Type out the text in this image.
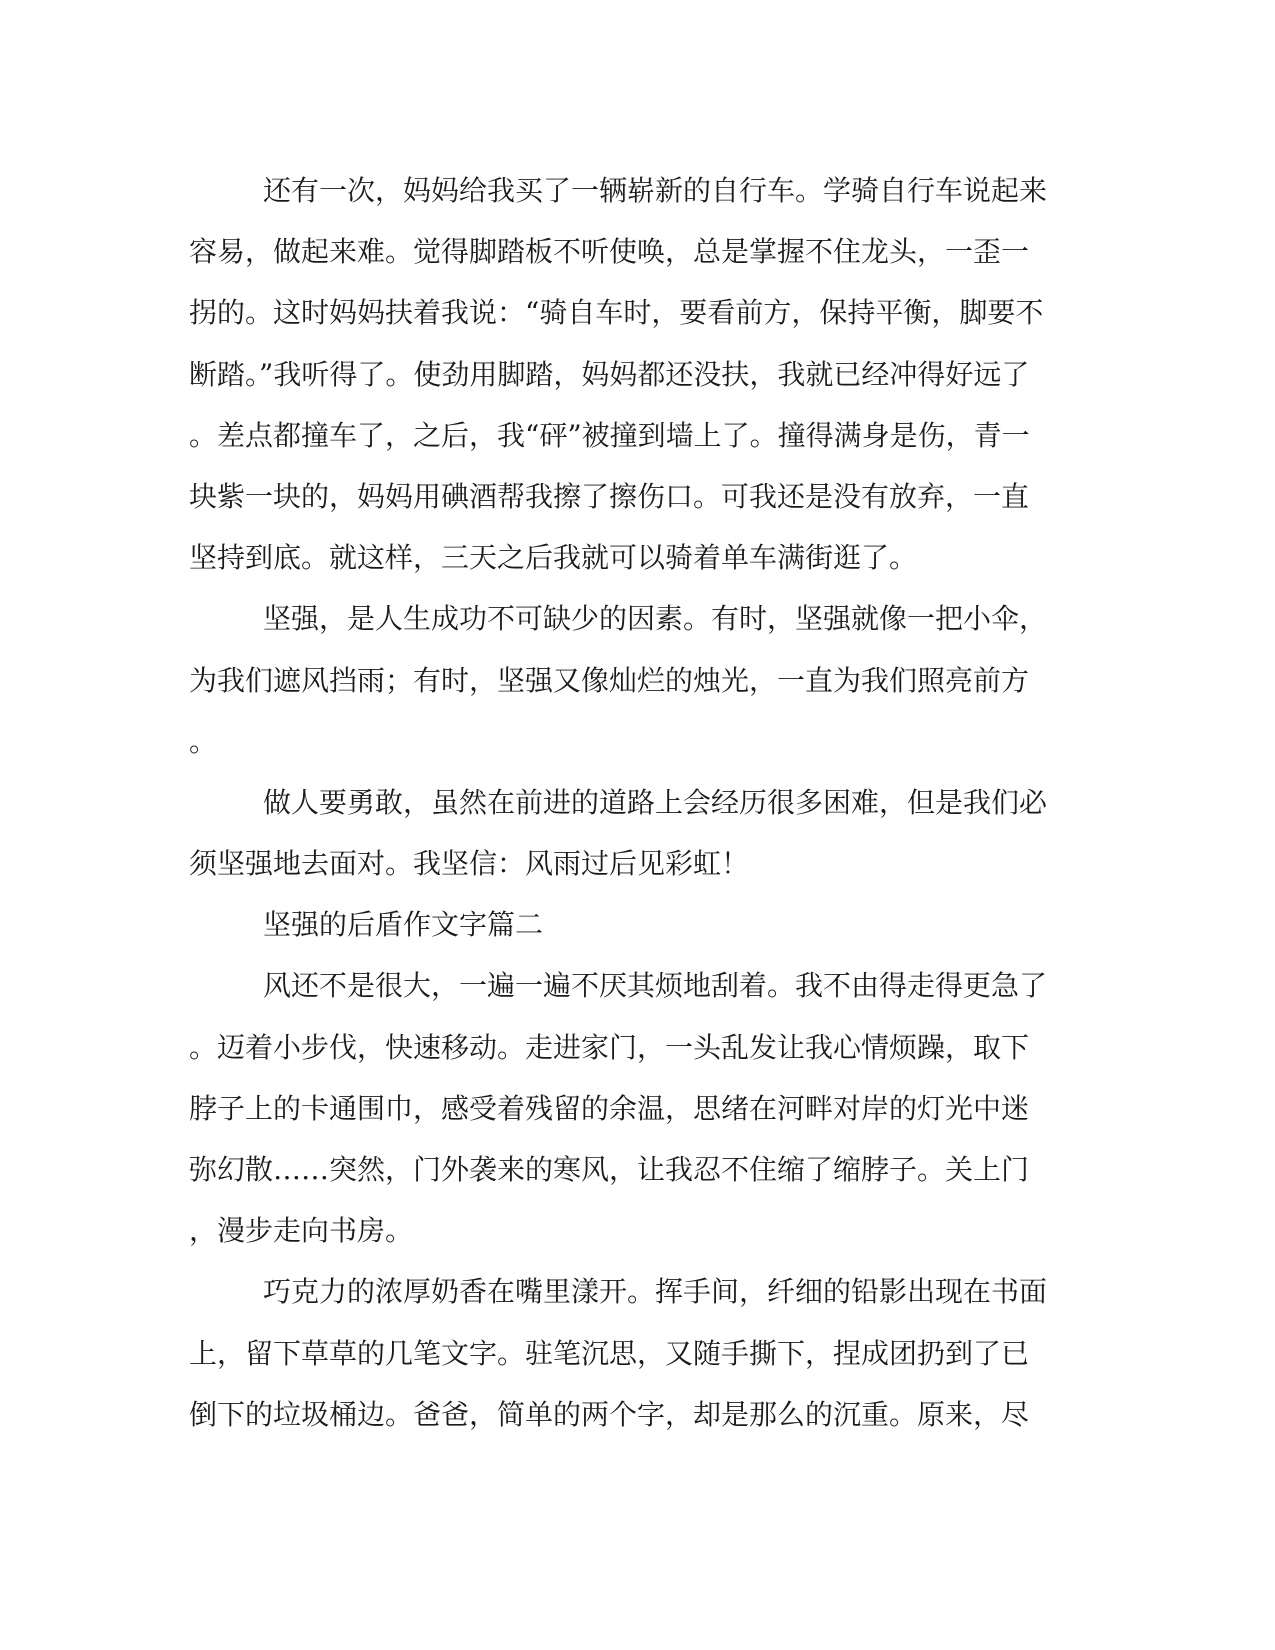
还有一次，妈妈给我买了一辆崭新的自行车。学骑自行车说起来
容易，做起来难。觉得脚踏板不听使唤，总是掌握不住龙头，一歪一
拐的。这时妈妈扶着我说：“骑自车时，要看前方，保持平衡，脚要不
断踏。”我听得了。使劲用脚踏，妈妈都还没扶，我就已经冲得好远了
。差点都撞车了，之后，我“砰”被撞到墙上了。撞得满身是伤，青一
块紫一块的，妈妈用碘酒帮我擦了擦伤口。可我还是没有放弃，一直
坚持到底。就这样，三天之后我就可以骑着单车满街逛了。
坚强，是人生成功不可缺少的因素。有时，坚强就像一把小伞，
为我们遮风挡雨；有时，坚强又像灿烂的烛光，一直为我们照亮前方
。
做人要勇敢，虽然在前进的道路上会经历很多困难，但是我们必
须坚强地去面对。我坚信：风雨过后见彩虹！
坚强的后盾作文字篇二
风还不是很大，一遍一遍不厌其烦地刮着。我不由得走得更急了
。迈着小步伐，快速移动。走进家门，一头乱发让我心情烦躁，取下
脖子上的卡通围巾，感受着残留的余温，思绪在河畔对岸的灯光中迷
弥幻散……突然，门外袭来的寒风，让我忍不住缩了缩脖子。关上门
，漫步走向书房。
巧克力的浓厚奶香在嘴里漾开。挥手间，纤细的铅影出现在书面
上，留下草草的几笔文字。驻笔沉思，又随手撕下，捏成团扔到了已
倒下的垃圾桶边。爸爸，简单的两个字，却是那么的沉重。原来，尽
